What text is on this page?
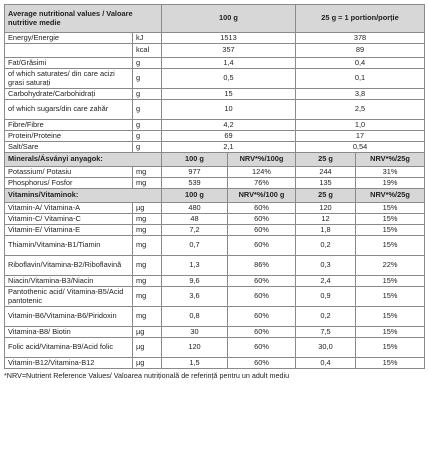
Average nutritional values / Valoare nutritive medie		100 g		25 g = 1 portion/porție	
Energy/Energie	kJ	1513		378	
	kcal	357		89	
Fat/Grăsimi	g	1,4		0,4	
of which saturates/ din care acizi grasi saturați	g	0,5		0,1	
Carbohydrate/Carbohidrați	g	15		3,8	
of which sugars/din care zahăr	g	10		2,5	
Fibre/Fibre	g	4,2		1,0	
Protein/Proteine	g	69		17	
Salt/Sare	g	2,1		0,54	
Minerals/Ásványi anyagok:		100 g	NRV*%/100g	25 g	NRV*%/25g
Potassium/ Potasiu	mg	977	124%	244	31%
Phosphorus/ Fosfor	mg	539	76%	135	19%
Vitamins/Vitaminok:		100 g	NRV*%/100 g	25 g	NRV*%/25g
Vitamin-A/ Vitamina-A	µg	480	60%	120	15%
Vitamin-C/ Vitamina-C	mg	48	60%	12	15%
Vitamin-E/ Vitamina-E	mg	7,2	60%	1,8	15%
Thiamin/Vitamina-B1/Tiamin	mg	0,7	60%	0,2	15%
Riboflavin/Vitamina-B2/Riboflavină	mg	1,3	86%	0,3	22%
Niacin/Vitamina-B3/Niacin	mg	9,6	60%	2,4	15%
Pantothenic acid/ Vitamina-B5/Acid pantotenic	mg	3,6	60%	0,9	15%
Vitamin-B6/Vitamina-B6/Piridoxin	mg	0,8	60%	0,2	15%
Vitamina-B8/ Biotin	µg	30	60%	7,5	15%
Folic acid/Vitamina-B9/Acid folic	µg	120	60%	30,0	15%
Vitamin-B12/Vitamina-B12	µg	1,5	60%	0,4	15%
*NRV=Nutrient Reference Values/ Valoarea nutrițională de referință pentru un adult mediu
